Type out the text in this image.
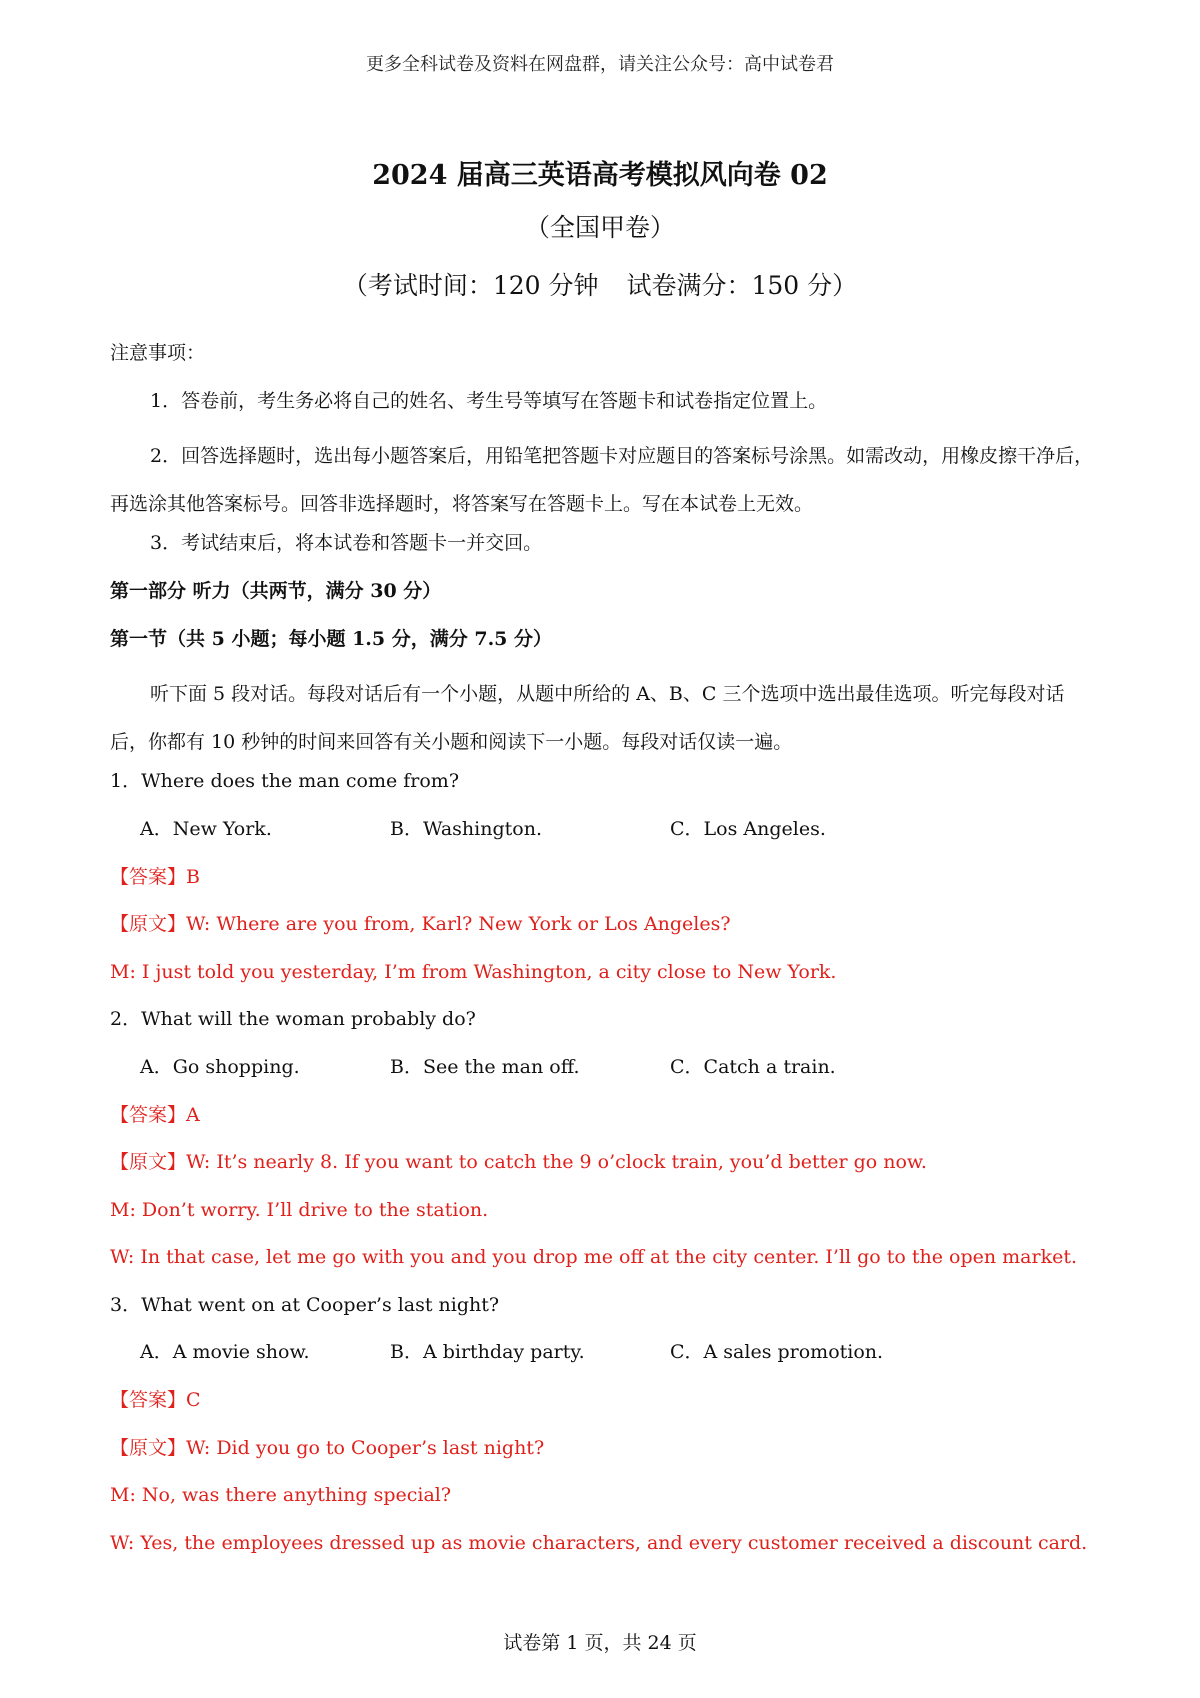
更多全科试卷及资料在网盘群，请关注公众号：高中试卷君

2024 届高三英语高考模拟风向卷 02

（全国甲卷）

（考试时间：120 分钟 试卷满分：150 分）

注意事项：
1．答卷前，考生务必将自己的姓名、考生号等填写在答题卡和试卷指定位置上。
2．回答选择题时，选出每小题答案后，用铅笔把答题卡对应题目的答案标号涂黑。如需改动，用橡皮擦干净后，再选涂其他答案标号。回答非选择题时，将答案写在答题卡上。写在本试卷上无效。
3．考试结束后，将本试卷和答题卡一并交回。
第一部分 听力（共两节，满分 30 分）
第一节（共 5 小题；每小题 1.5 分，满分 7.5 分）
听下面 5 段对话。每段对话后有一个小题，从题中所给的 A、B、C 三个选项中选出最佳选项。听完每段对话后，你都有 10 秒钟的时间来回答有关小题和阅读下一小题。每段对话仅读一遍。
1．Where does the man come from?
A．New York.	B．Washington.	C．Los Angeles.
【答案】B
【原文】W: Where are you from, Karl? New York or Los Angeles?
M: I just told you yesterday, I’m from Washington, a city close to New York.
2．What will the woman probably do?
A．Go shopping.	B．See the man off.	C．Catch a train.
【答案】A
【原文】W: It’s nearly 8. If you want to catch the 9 o’clock train, you’d better go now.
M: Don’t worry. I’ll drive to the station.
W: In that case, let me go with you and you drop me off at the city center. I’ll go to the open market.
3．What went on at Cooper’s last night?
A．A movie show.	B．A birthday party.	C．A sales promotion.
【答案】C
【原文】W: Did you go to Cooper’s last night?
M: No, was there anything special?
W: Yes, the employees dressed up as movie characters, and every customer received a discount card.
试卷第 1 页，共 24 页
